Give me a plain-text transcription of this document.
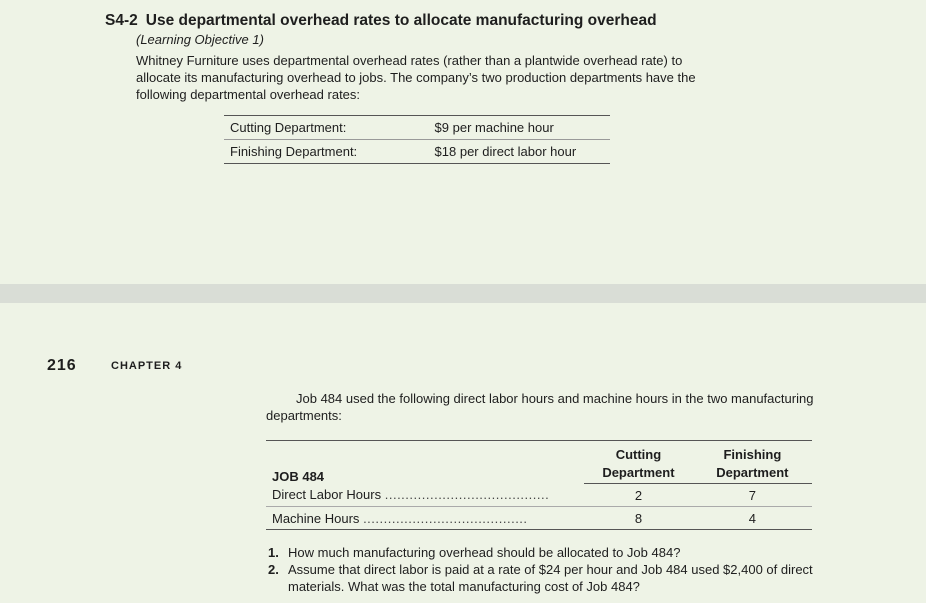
S4-2 Use departmental overhead rates to allocate manufacturing overhead
(Learning Objective 1)
Whitney Furniture uses departmental overhead rates (rather than a plantwide overhead rate) to allocate its manufacturing overhead to jobs. The company’s two production departments have the following departmental overhead rates:
Cutting Department:	$9 per machine hour
Finishing Department:	$18 per direct labor hour
216	CHAPTER 4
Job 484 used the following direct labor hours and machine hours in the two manufacturing departments:
JOB 484	Cutting	Finishing
	Department	Department
Direct Labor Hours .....	2	7
Machine Hours .....	8	4
1. How much manufacturing overhead should be allocated to Job 484?
2. Assume that direct labor is paid at a rate of $24 per hour and Job 484 used $2,400 of direct materials. What was the total manufacturing cost of Job 484?
